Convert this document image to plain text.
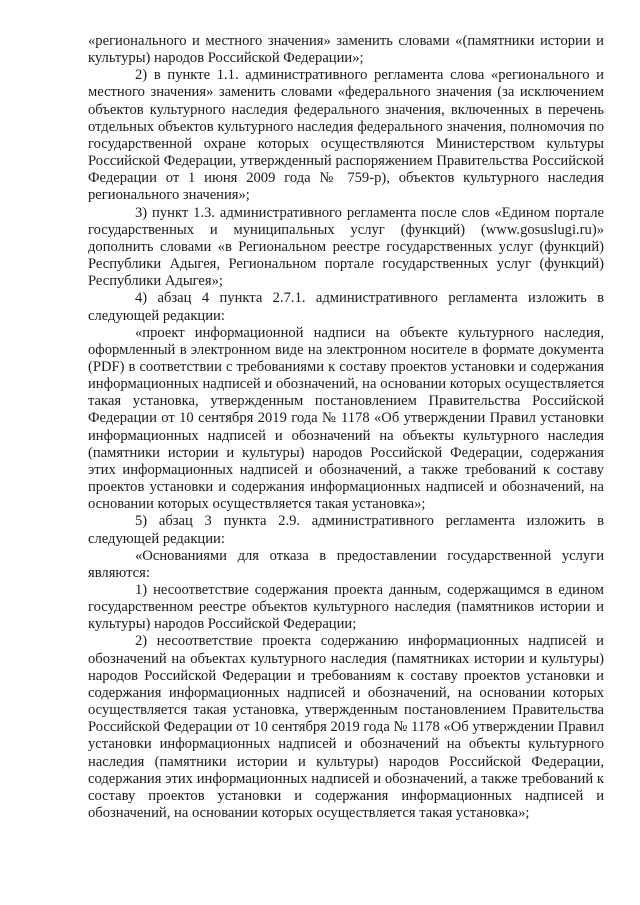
«регионального и местного значения» заменить словами «(памятники истории и культуры) народов Российской Федерации»;

2) в пункте 1.1. административного регламента слова «регионального и местного значения» заменить словами «федерального значения (за исключением объектов культурного наследия федерального значения, включенных в перечень отдельных объектов культурного наследия федерального значения, полномочия по государственной охране которых осуществляются Министерством культуры Российской Федерации, утвержденный распоряжением Правительства Российской Федерации от 1 июня 2009 года № 759-р), объектов культурного наследия регионального значения»;

3) пункт 1.3. административного регламента после слов «Едином портале государственных и муниципальных услуг (функций) (www.gosuslugi.ru)» дополнить словами «в Региональном реестре государственных услуг (функций) Республики Адыгея, Региональном портале государственных услуг (функций) Республики Адыгея»;

4) абзац 4 пункта 2.7.1. административного регламента изложить в следующей редакции:

«проект информационной надписи на объекте культурного наследия, оформленный в электронном виде на электронном носителе в формате документа (PDF) в соответствии с требованиями к составу проектов установки и содержания информационных надписей и обозначений, на основании которых осуществляется такая установка, утвержденным постановлением Правительства Российской Федерации от 10 сентября 2019 года № 1178 «Об утверждении Правил установки информационных надписей и обозначений на объекты культурного наследия (памятники истории и культуры) народов Российской Федерации, содержания этих информационных надписей и обозначений, а также требований к составу проектов установки и содержания информационных надписей и обозначений, на основании которых осуществляется такая установка»;

5) абзац 3 пункта 2.9. административного регламента изложить в следующей редакции:

«Основаниями для отказа в предоставлении государственной услуги являются:

1) несоответствие содержания проекта данным, содержащимся в едином государственном реестре объектов культурного наследия (памятников истории и культуры) народов Российской Федерации;

2) несоответствие проекта содержанию информационных надписей и обозначений на объектах культурного наследия (памятниках истории и культуры) народов Российской Федерации и требованиям к составу проектов установки и содержания информационных надписей и обозначений, на основании которых осуществляется такая установка, утвержденным постановлением Правительства Российской Федерации от 10 сентября 2019 года № 1178 «Об утверждении Правил установки информационных надписей и обозначений на объекты культурного наследия (памятники истории и культуры) народов Российской Федерации, содержания этих информационных надписей и обозначений, а также требований к составу проектов установки и содержания информационных надписей и обозначений, на основании которых осуществляется такая установка»;
